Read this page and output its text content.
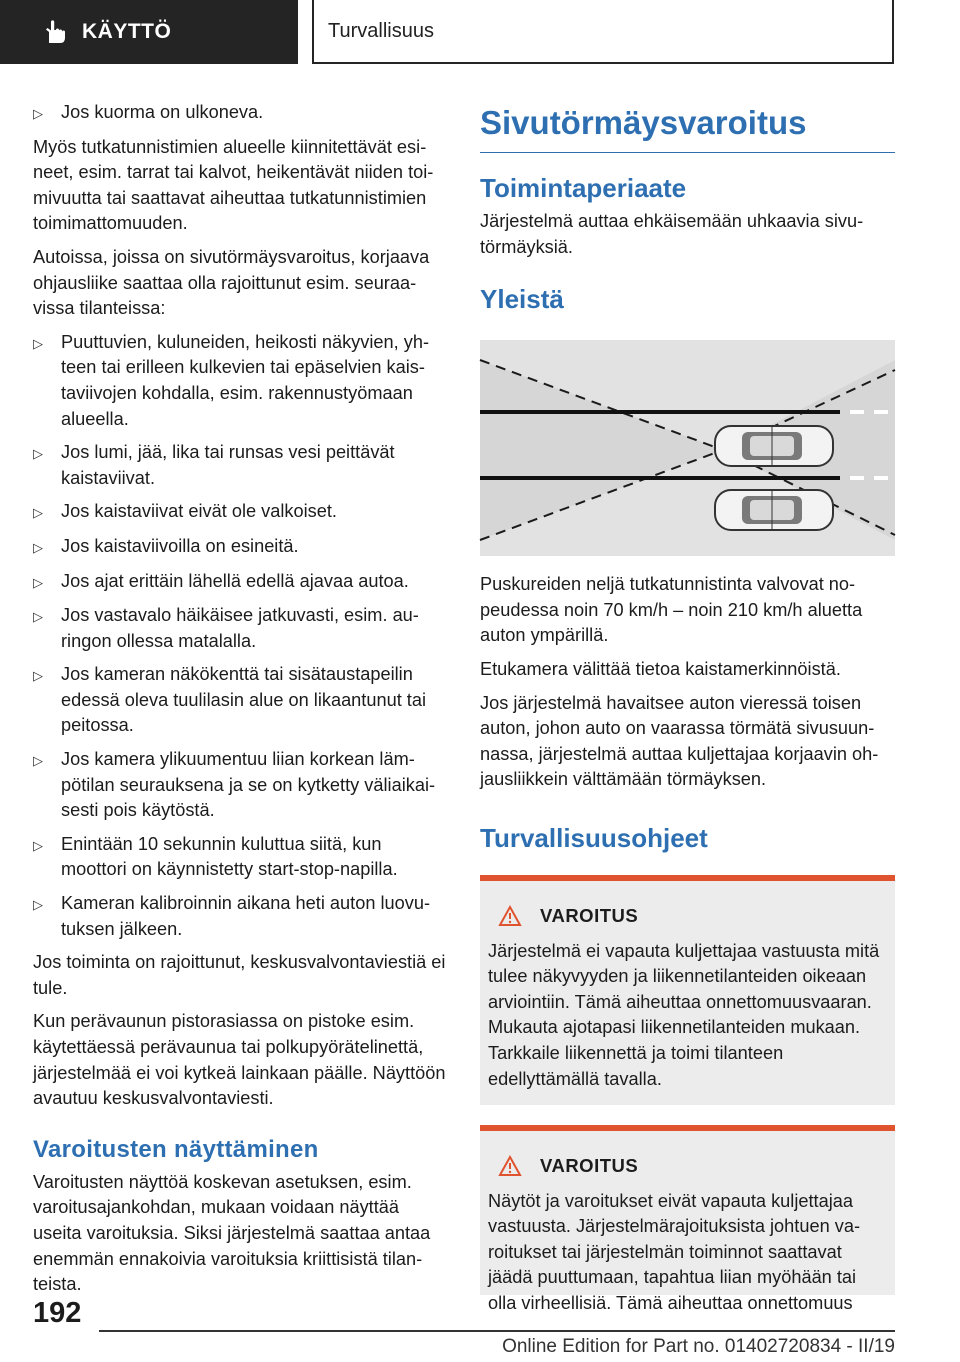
KÄYTTÖ	Turvallisuus
▷ Jos kuorma on ulkoneva.

Myös tutkatunnistimien alueelle kiinnitettävät esineet, esim. tarrat tai kalvot, heikentävät niiden toimivuutta tai saattavat aiheuttaa tutkatunnistimien toimimattomuuden.

Autoissa, joissa on sivutörmäysvaroitus, korjaava ohjausliike saattaa olla rajoittunut esim. seuraavissa tilanteissa:

▷ Puuttuvien, kuluneiden, heikosti näkyvien, yhteen tai erilleen kulkevien tai epäselvien kaistaviivojen kohdalla, esim. rakennustyömaan alueella.
▷ Jos lumi, jää, lika tai runsas vesi peittävät kaistaviivat.
▷ Jos kaistaviivat eivät ole valkoiset.
▷ Jos kaistaviivoilla on esineitä.
▷ Jos ajat erittäin lähellä edellä ajavaa autoa.
▷ Jos vastavalo häikäisee jatkuvasti, esim. auringon ollessa matalalla.
▷ Jos kameran näkökenttä tai sisätaustapeilin edessä oleva tuulilasin alue on likaantunut tai peitossa.
▷ Jos kamera ylikuumentuu liian korkean lämpötilan seurauksena ja se on kytketty väliaikaisesti pois käytöstä.
▷ Enintään 10 sekunnin kuluttua siitä, kun moottori on käynnistetty start-stop-napilla.
▷ Kameran kalibroinnin aikana heti auton luovutuksen jälkeen.

Jos toiminta on rajoittunut, keskusvalvontaviestiä ei tule.

Kun perävaunun pistorasiassa on pistoke esim. käytettäessä perävaunua tai polkupyörätelinettä, järjestelmää ei voi kytkeä lainkaan päälle. Näyttöön avautuu keskusvalvontaviesti.

Varoitusten näyttäminen

Varoitusten näyttöä koskevan asetuksen, esim. varoitusajankohdan, mukaan voidaan näyttää useita varoituksia. Siksi järjestelmä saattaa antaa enemmän ennakoivia varoituksia kriittisistä tilanteista.

Sivutörmäysvaroitus
Toimintaperiaate

Järjestelmä auttaa ehkäisemään uhkaavia sivutörmäyksiä.

Yleistä

Puskureiden neljä tutkatunnistinta valvovat nopeudessa noin 70 km/h – noin 210 km/h aluetta auton ympärillä.

Etukamera välittää tietoa kaistamerkinnöistä.

Jos järjestelmä havaitsee auton vieressä toisen auton, johon auto on vaarassa törmätä sivusuunnassa, järjestelmä auttaa kuljettajaa korjaavin ohjausliikkein välttämään törmäyksen.

Turvallisuusohjeet
VAROITUS
Järjestelmä ei vapauta kuljettajaa vastuusta mitä tulee näkyvyyden ja liikennetilanteiden oikeaan arviointiin. Tämä aiheuttaa onnettomuusvaaran. Mukauta ajotapasi liikennetilanteiden mukaan. Tarkkaile liikennettä ja toimi tilanteen edellyttämällä tavalla.
VAROITUS
Näytöt ja varoitukset eivät vapauta kuljettajaa vastuusta. Järjestelmärajoituksista johtuen varoitukset tai järjestelmän toiminnot saattavat jäädä puuttumaan, tapahtua liian myöhään tai olla virheellisiä. Tämä aiheuttaa onnettomuus
192
Online Edition for Part no. 01402720834 - II/19
